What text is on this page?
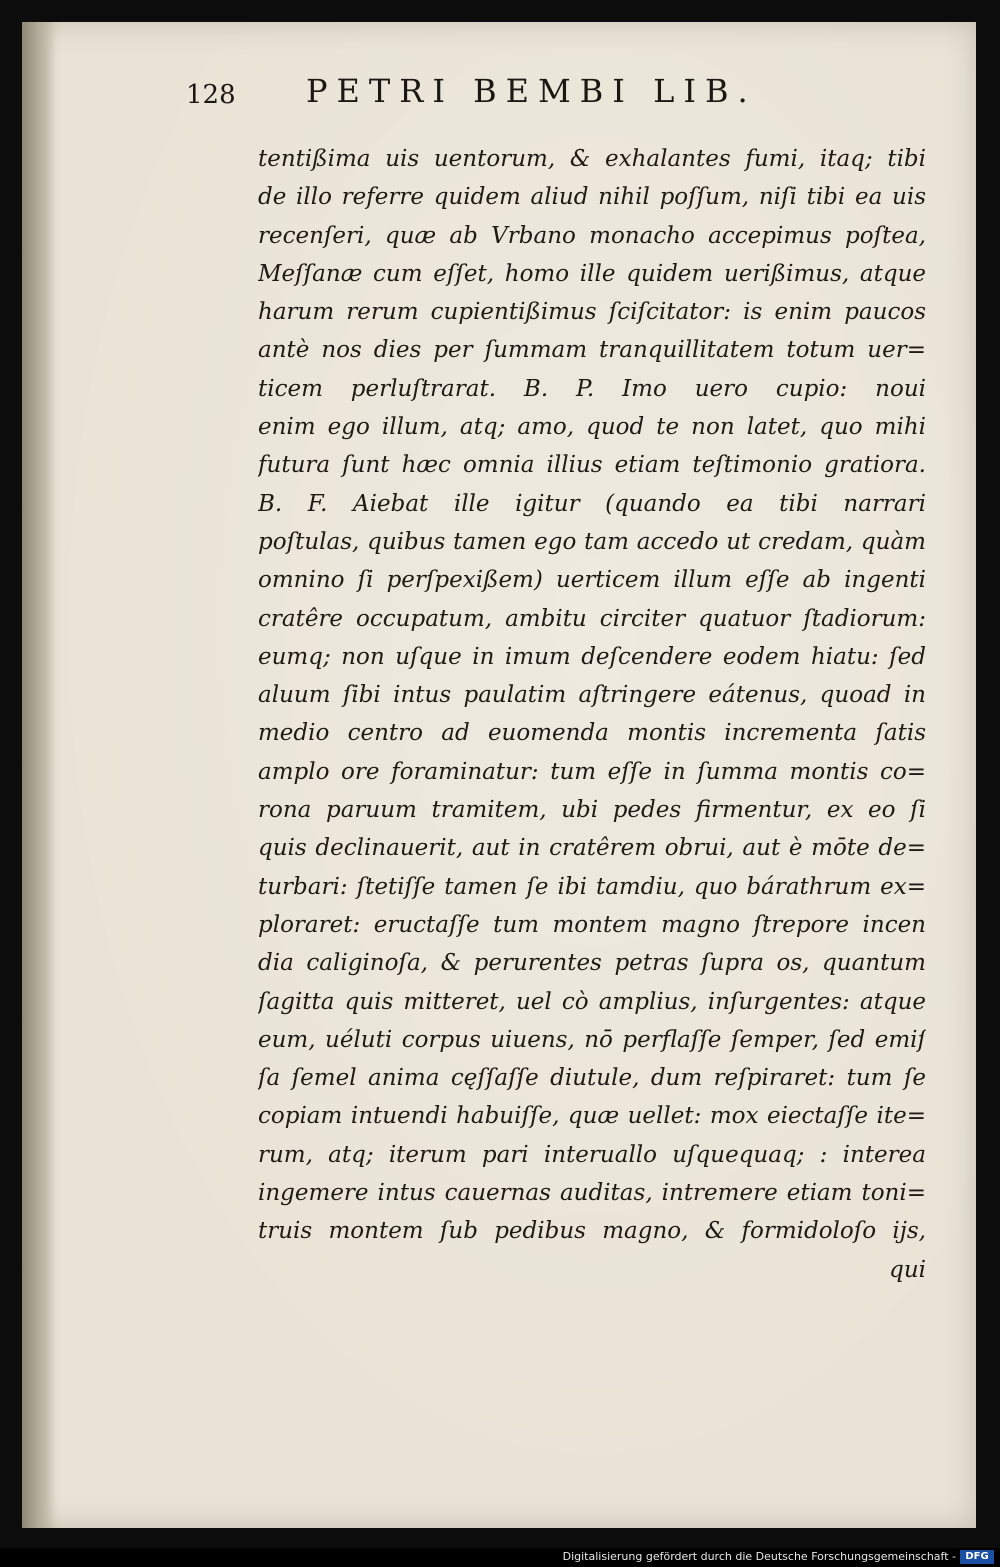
128 PETRI BEMBI LIB.
tentißima uis uentorum, & exhalantes fumi, itaq; tibi
de illo referre quidem aliud nihil poſſum, niſi tibi ea uis
recenſeri, quæ ab Vrbano monacho accepimus poſtea,
Meſſanæ cum eſſet, homo ille quidem uerißimus, atque
harum rerum cupientißimus ſciſcitator: is enim paucos
antè nos dies per ſummam tranquillitatem totum uer=
ticem perluſtrarat. B. P. Imo uero cupio: noui
enim ego illum, atq; amo, quod te non latet, quo mihi
futura ſunt hæc omnia illius etiam teſtimonio gratiora.
B. F. Aiebat ille igitur (quando ea tibi narrari
poſtulas, quibus tamen ego tam accedo ut credam, quàm
omnino ſi perſpexißem) uerticem illum eſſe ab ingenti
cratêre occupatum, ambitu circiter quatuor ſtadiorum:
eumq; non uſque in imum deſcendere eodem hiatu: ſed
aluum ſibi intus paulatim aſtringere eátenus, quoad in
medio centro ad euomenda montis incrementa ſatis
amplo ore foraminatur: tum eſſe in ſumma montis co=
rona paruum tramitem, ubi pedes firmentur, ex eo ſi
quis declinauerit, aut in cratêrem obrui, aut è mōte de=
turbari: ſtetiſſe tamen ſe ibi tamdiu, quo bárathrum ex=
ploraret: eructaſſe tum montem magno ſtrepore incen
dia caliginoſa, & perurentes petras ſupra os, quantum
ſagitta quis mitteret, uel cò amplius, inſurgentes: atque
eum, uéluti corpus uiuens, nō perflaſſe ſemper, ſed emiſ
ſa ſemel anima cęſſaſſe diutule, dum reſpiraret: tum ſe
copiam intuendi habuiſſe, quæ uellet: mox eiectaſſe ite=
rum, atq; iterum pari interuallo uſquequaq; : interea
ingemere intus cauernas auditas, intremere etiam toni=
truis montem ſub pedibus magno, & formidoloſo ijs,
qui
Digitalisierung gefördert durch die Deutsche Forschungsgemeinschaft - DFG
